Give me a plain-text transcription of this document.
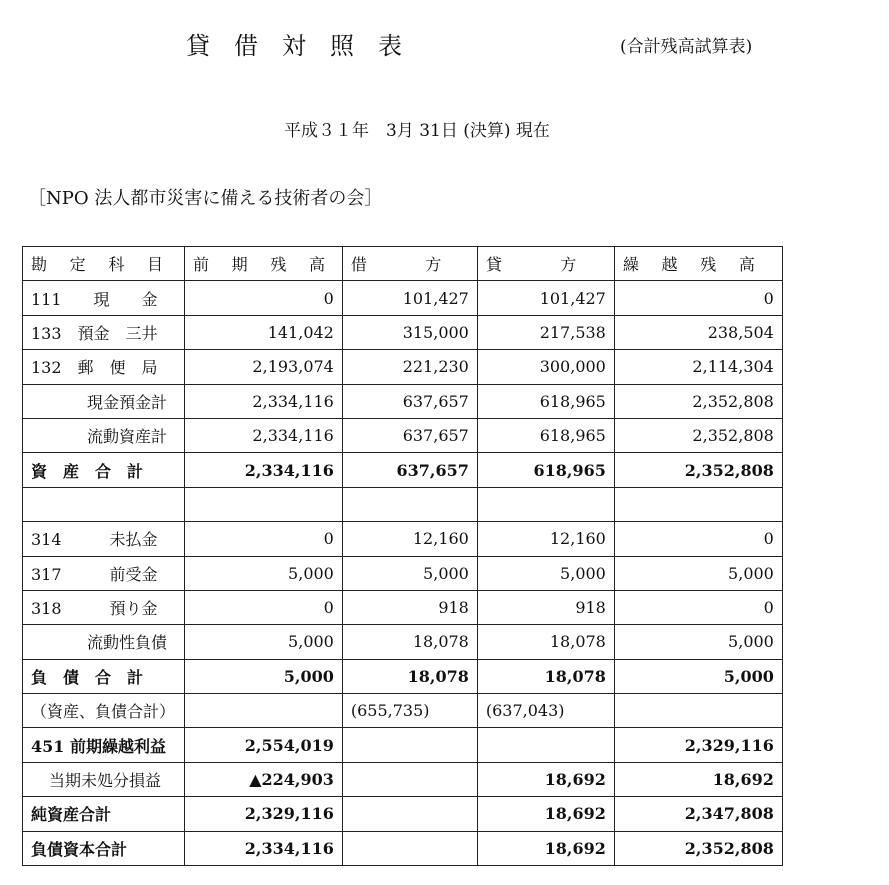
貸　借　対　照　表	(合計残高試算表)
平成３１年　3月 31日 (決算) 現在
［NPO 法人都市災害に備える技術者の会］
勘 定 科 目	前 期 残 高	借　　方	貸　　方	繰 越 残 高
111　　現　　金	0	101,427	101,427	0
133　預金　三井	141,042	315,000	217,538	238,504
132　郵　便　局	2,193,074	221,230	300,000	2,114,304
現金預金計	2,334,116	637,657	618,965	2,352,808
流動資産計	2,334,116	637,657	618,965	2,352,808
資　産　合　計	2,334,116	637,657	618,965	2,352,808

314　　　未払金	0	12,160	12,160	0
317　　　前受金	5,000	5,000	5,000	5,000
318　　　預り金	0	918	918	0
流動性負債	5,000	18,078	18,078	5,000
負　債　合　計	5,000	18,078	18,078	5,000
（資産、負債合計）		(655,735)	(637,043)	
451 前期繰越利益	2,554,019			2,329,116
当期未処分損益	▲224,903		18,692	18,692
純資産合計	2,329,116		18,692	2,347,808
負債資本合計	2,334,116		18,692	2,352,808
